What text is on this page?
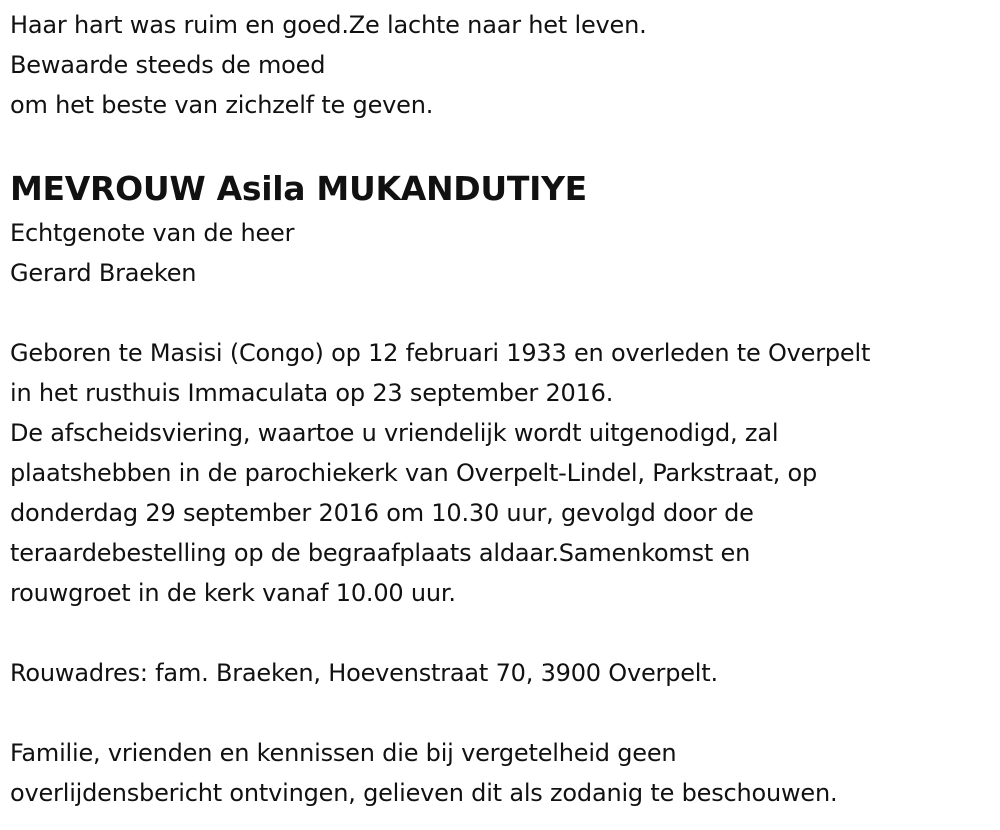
Haar hart was ruim en goed.Ze lachte naar het leven.
Bewaarde steeds de moed
om het beste van zichzelf te geven.
MEVROUW Asila MUKANDUTIYE
Echtgenote van de heer
Gerard Braeken
Geboren te Masisi (Congo) op 12 februari 1933 en overleden te Overpelt
in het rusthuis Immaculata op 23 september 2016.
De afscheidsviering, waartoe u vriendelijk wordt uitgenodigd, zal
plaatshebben in de parochiekerk van Overpelt-Lindel, Parkstraat, op
donderdag 29 september 2016 om 10.30 uur, gevolgd door de
teraardebestelling op de begraafplaats aldaar.Samenkomst en
rouwgroet in de kerk vanaf 10.00 uur.
Rouwadres: fam. Braeken, Hoevenstraat 70, 3900 Overpelt.
Familie, vrienden en kennissen die bij vergetelheid geen
overlijdensbericht ontvingen, gelieven dit als zodanig te beschouwen.
